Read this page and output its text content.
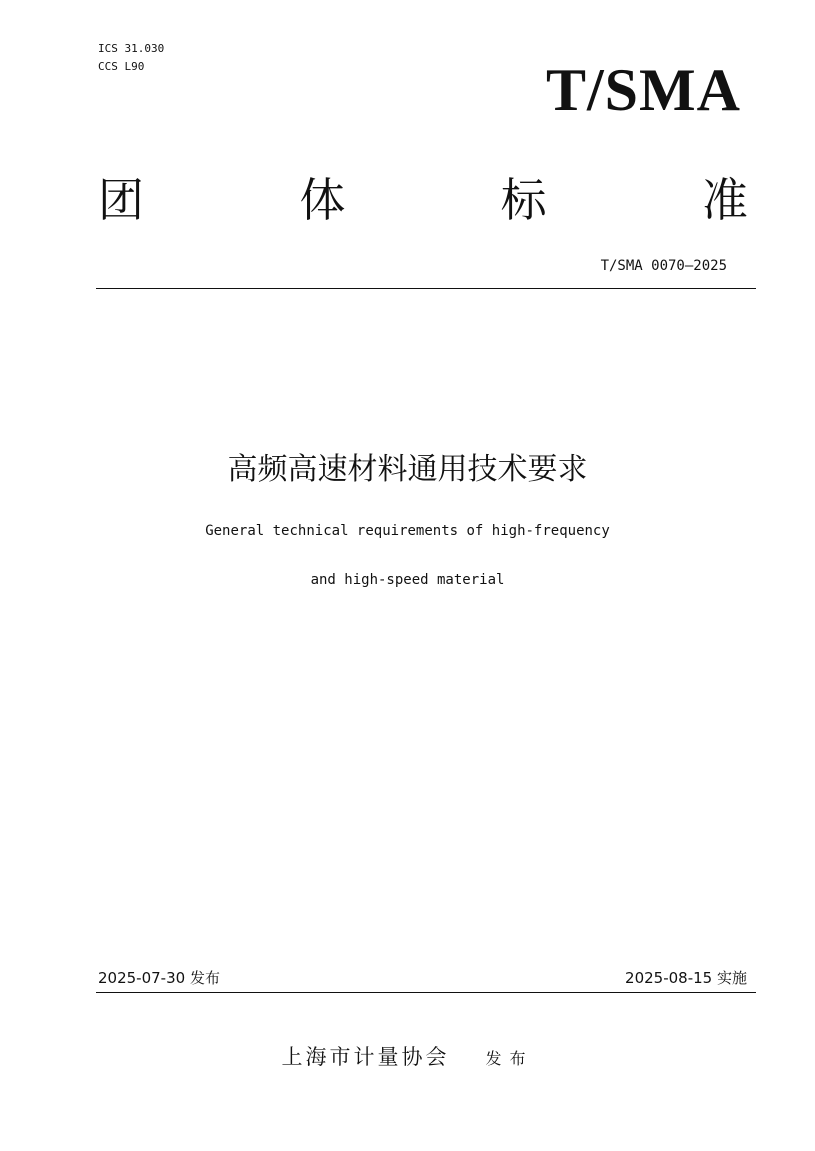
ICS 31.030
CCS L90	T/SMA
团	体	标	准
T/SMA 0070—2025
高频高速材料通用技术要求
General technical requirements of high-frequency
and high-speed material
2025-07-30 发布	2025-08-15 实施
上海市计量协会 发布
